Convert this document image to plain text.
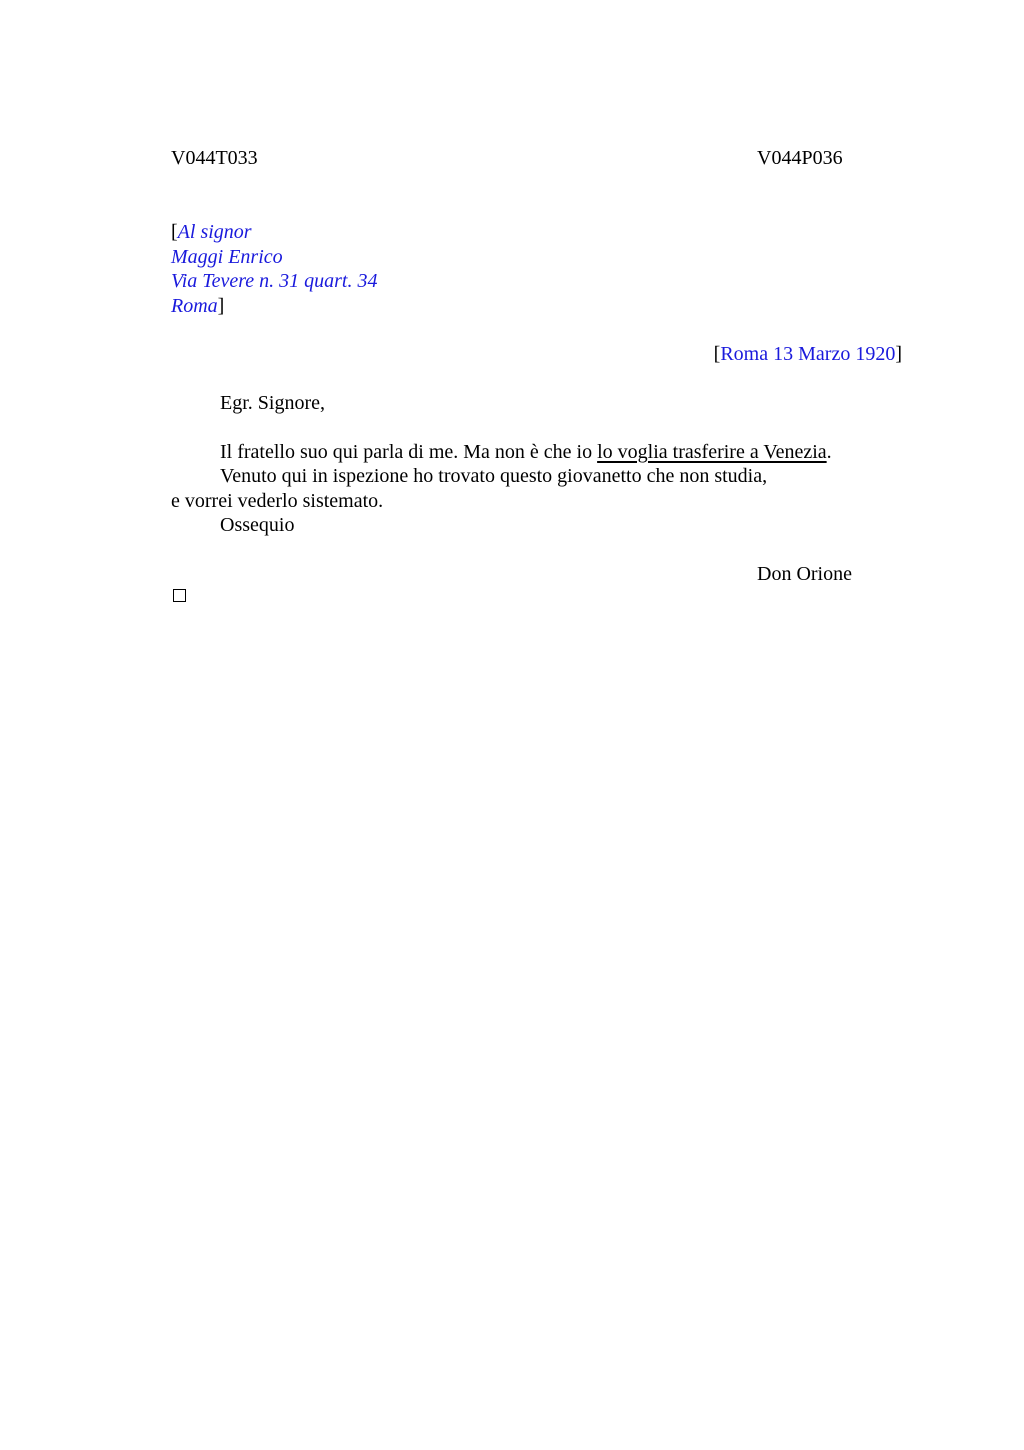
V044T033	V044P036
[Al signor
Maggi Enrico
Via Tevere n. 31 quart. 34
Roma]
[Roma 13 Marzo 1920]
Egr. Signore,
Il fratello suo qui parla di me. Ma non è che io lo voglia trasferire a Venezia.
Venuto qui in ispezione ho trovato questo giovanetto che non studia,
e vorrei vederlo sistemato.
Ossequio
Don Orione
